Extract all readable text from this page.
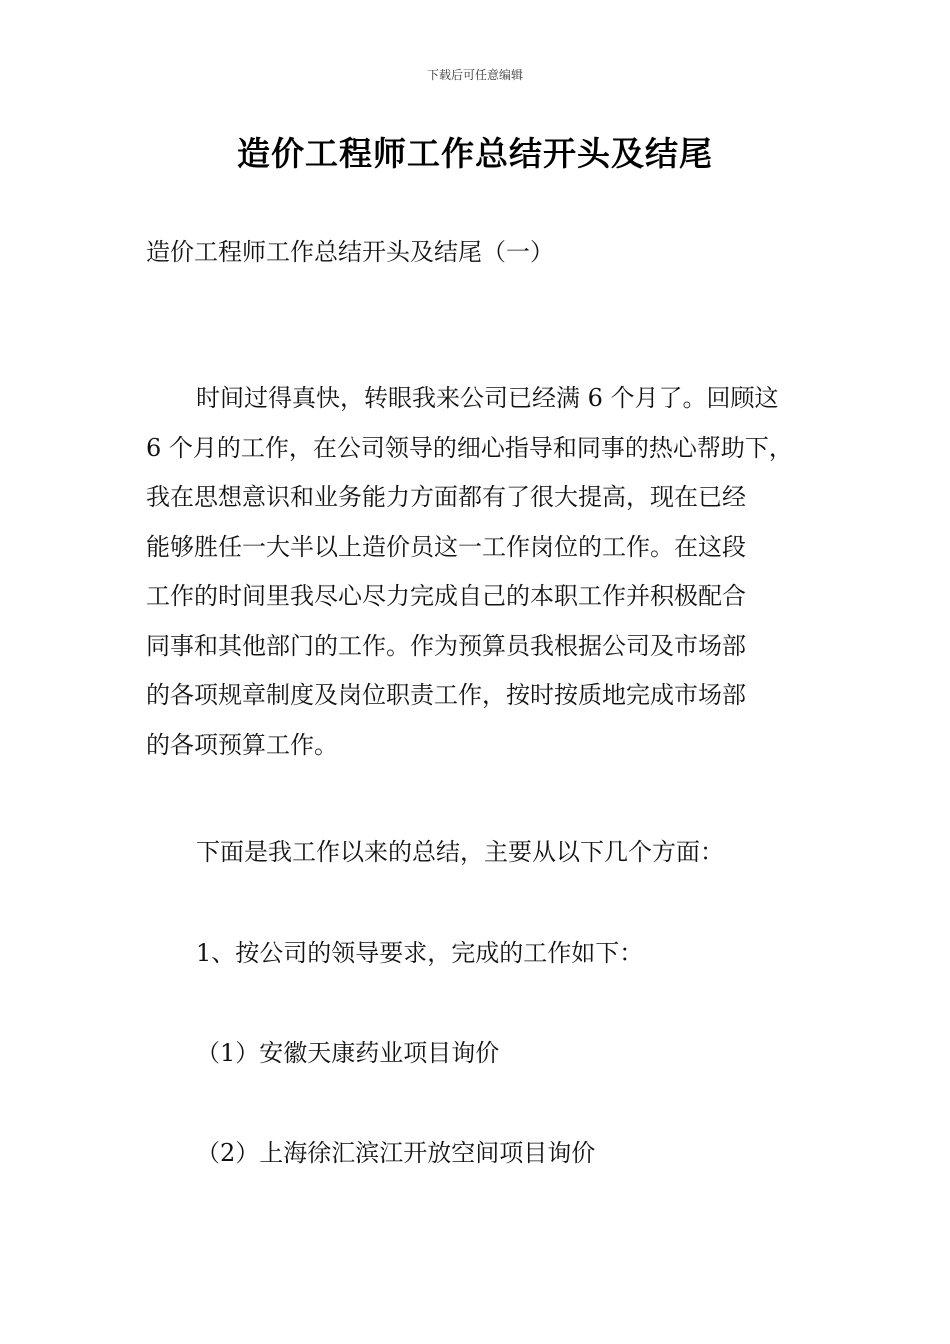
下载后可任意编辑
造价工程师工作总结开头及结尾
造价工程师工作总结开头及结尾（一）
时间过得真快，转眼我来公司已经满 6 个月了。回顾这
6 个月的工作，在公司领导的细心指导和同事的热心帮助下，
我在思想意识和业务能力方面都有了很大提高，现在已经
能够胜任一大半以上造价员这一工作岗位的工作。在这段
工作的时间里我尽心尽力完成自己的本职工作并积极配合
同事和其他部门的工作。作为预算员我根据公司及市场部
的各项规章制度及岗位职责工作，按时按质地完成市场部
的各项预算工作。
下面是我工作以来的总结，主要从以下几个方面：
1、按公司的领导要求，完成的工作如下：
（1）安徽天康药业项目询价
（2）上海徐汇滨江开放空间项目询价
